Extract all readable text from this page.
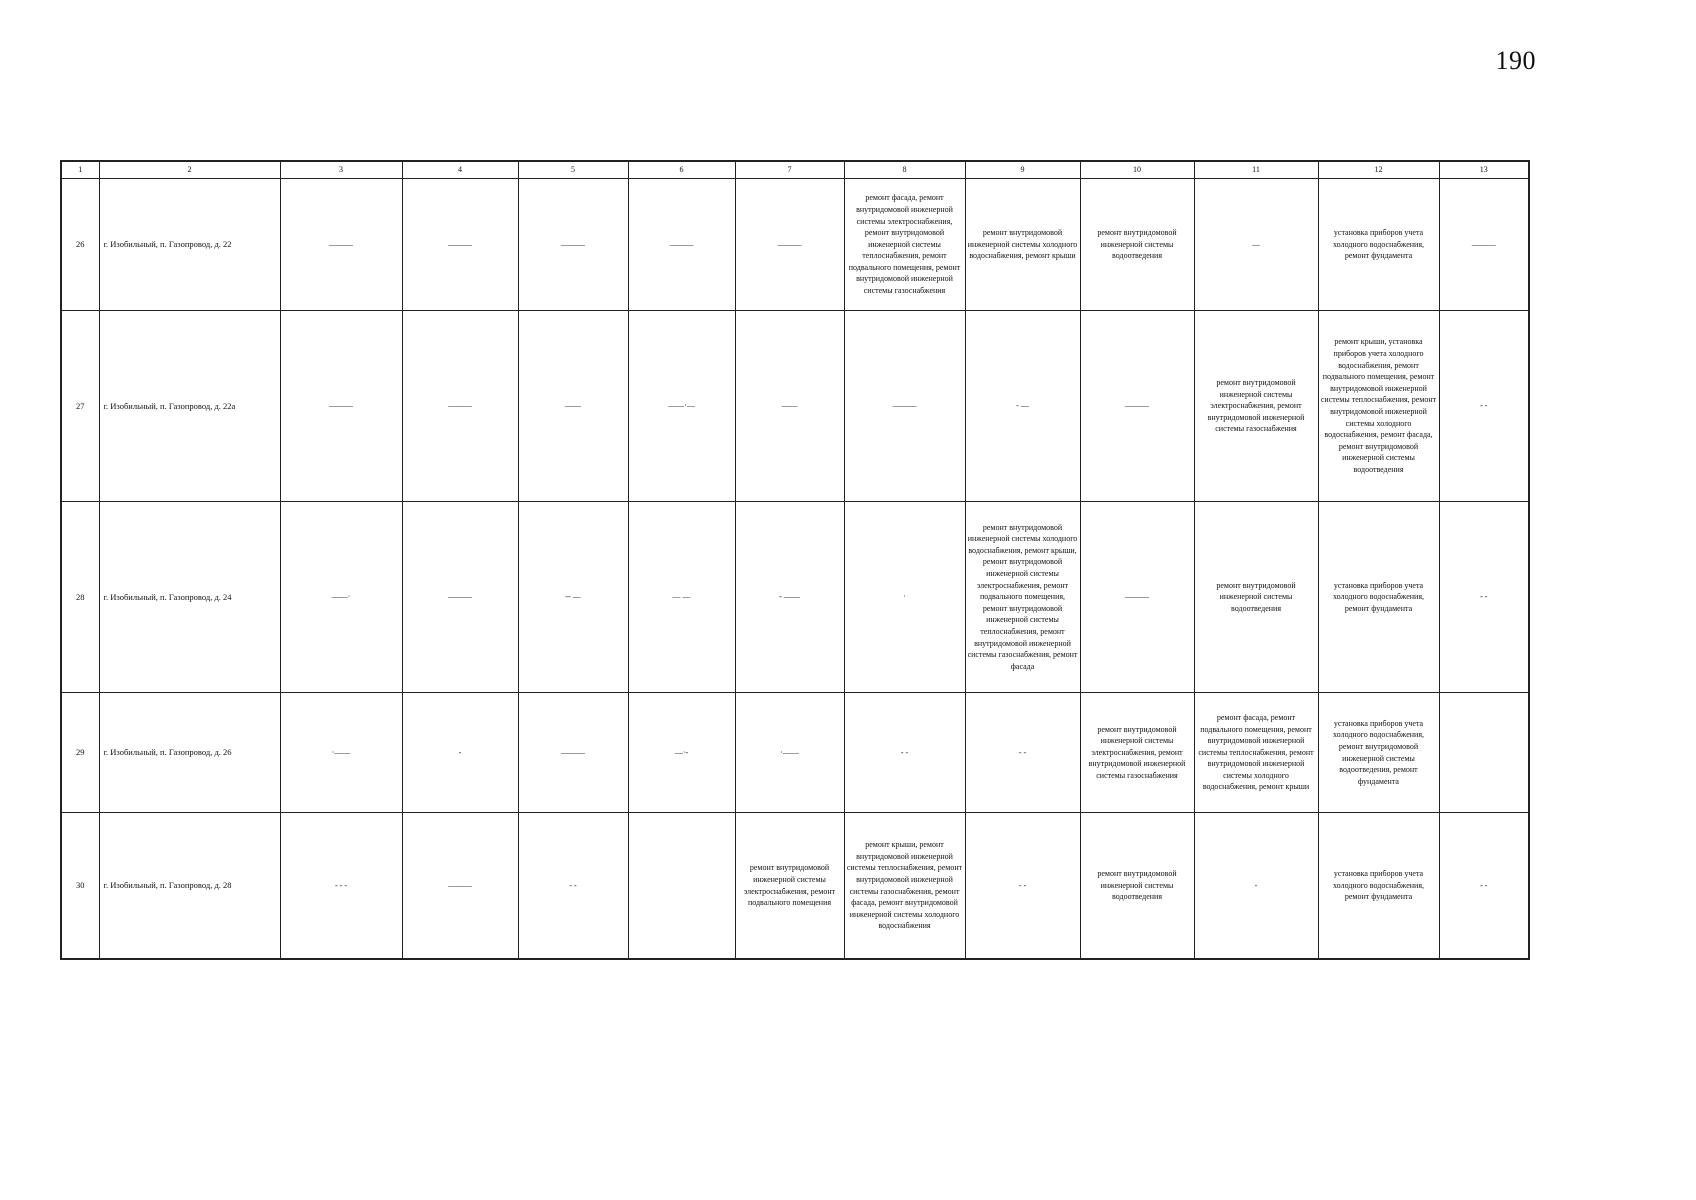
190
1	2	3	4	5	6	7	8	9	10	11	12	13
26	г. Изобильный, п. Газопровод, д. 22	———	———	———	———	———	ремонт фасада, ремонт внутридомовой инженерной системы электроснабжения, ремонт внутридомовой инженерной системы теплоснабжения, ремонт подвального помещения, ремонт внутридомовой инженерной системы газоснабжения	ремонт внутридомовой инженерной системы холодного водоснабжения, ремонт крыши	ремонт внутридомовой инженерной системы водоотведения	—	установка приборов учета холодного водоснабжения, ремонт фундамента	———
27	г. Изобильный, п. Газопровод, д. 22а	———	———	——	——·—	——	———	- —	———	ремонт внутридомовой инженерной системы электроснабжения, ремонт внутридомовой инженерной системы газоснабжения	ремонт крыши, установка приборов учета холодного водоснабжения, ремонт подвального помещения, ремонт внутридомовой инженерной системы теплоснабжения, ремонт внутридомовой инженерной системы холодного водоснабжения, ремонт фасада, ремонт внутридомовой инженерной системы водоотведения	- -
28	г. Изобильный, п. Газопровод, д. 24	——·	———	-- —	— —	- ——	·	ремонт внутридомовой инженерной системы холодного водоснабжения, ремонт крыши, ремонт внутридомовой инженерной системы электроснабжения, ремонт подвального помещения, ремонт внутридомовой инженерной системы теплоснабжения, ремонт внутридомовой инженерной системы газоснабжения, ремонт фасада	———	ремонт внутридомовой инженерной системы водоотведения	установка приборов учета холодного водоснабжения, ремонт фундамента	- -
29	г. Изобильный, п. Газопровод, д. 26	·——	-	———	—·-	·——	- -	- -	ремонт внутридомовой инженерной системы электроснабжения, ремонт внутридомовой инженерной системы газоснабжения	ремонт фасада, ремонт подвального помещения, ремонт внутридомовой инженерной системы теплоснабжения, ремонт внутридомовой инженерной системы холодного водоснабжения, ремонт крыши	установка приборов учета холодного водоснабжения, ремонт внутридомовой инженерной системы водоотведения, ремонт фундамента	
30	г. Изобильный, п. Газопровод, д. 28	- - -	———	- -		ремонт внутридомовой инженерной системы электроснабжения, ремонт подвального помещения	ремонт крыши, ремонт внутридомовой инженерной системы теплоснабжения, ремонт внутридомовой инженерной системы газоснабжения, ремонт фасада, ремонт внутридомовой инженерной системы холодного водоснабжения	- -	ремонт внутридомовой инженерной системы водоотведения	-	установка приборов учета холодного водоснабжения, ремонт фундамента	- -
